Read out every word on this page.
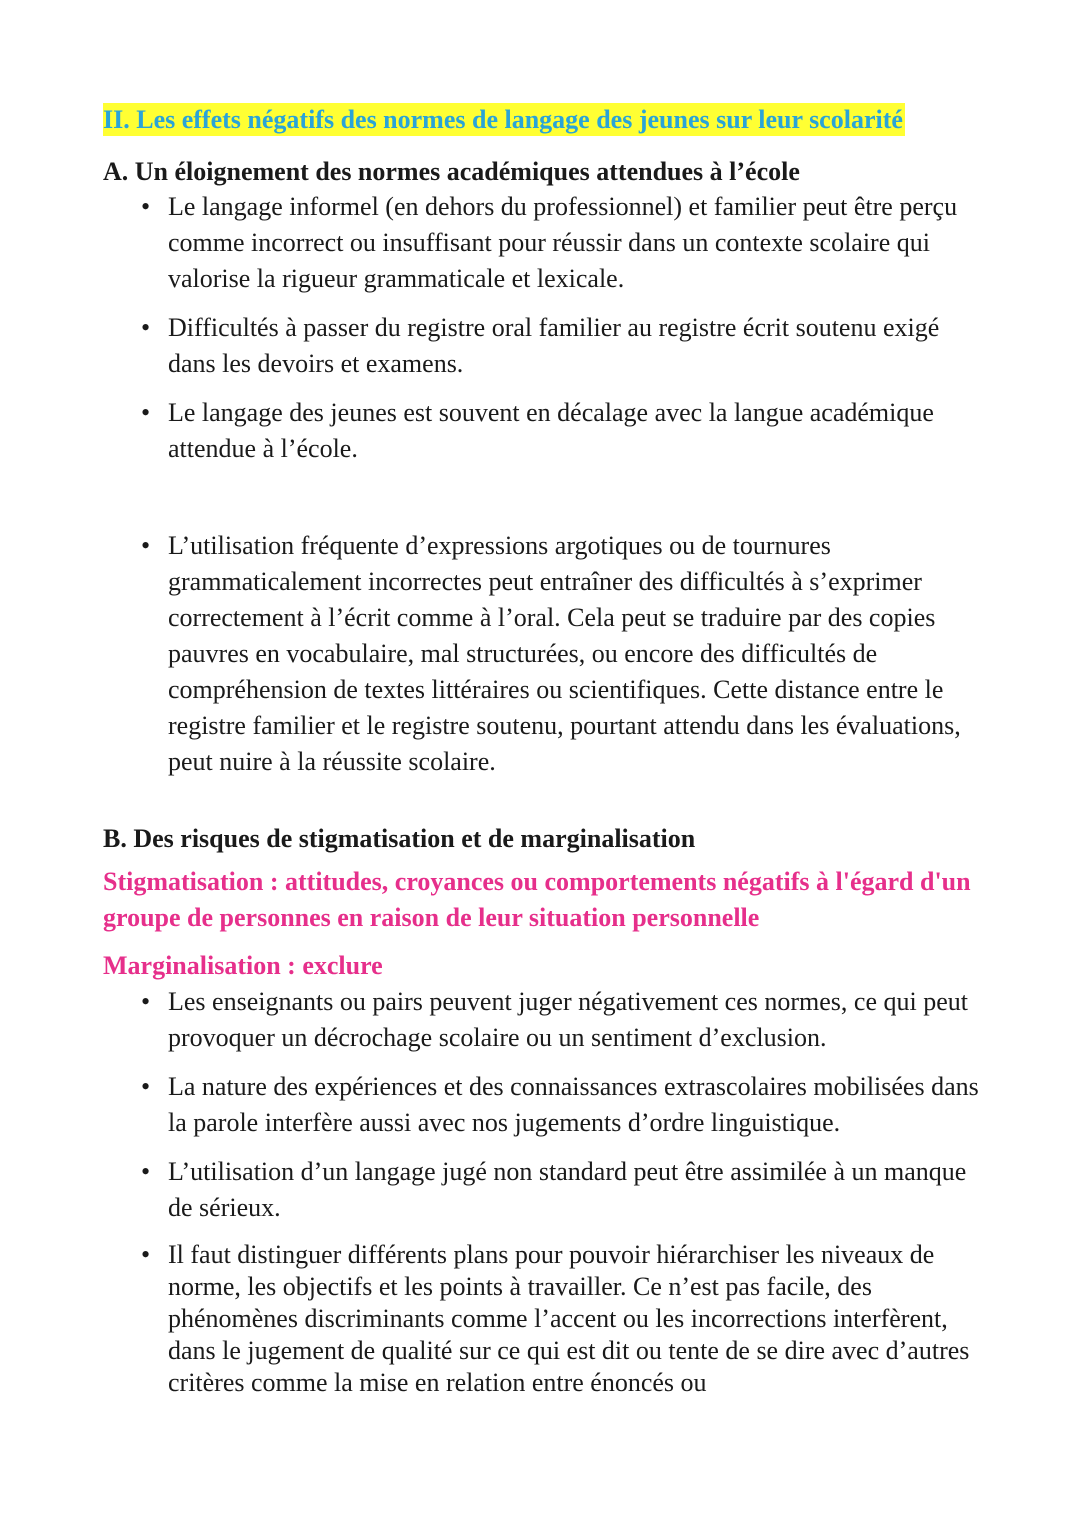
II. Les effets négatifs des normes de langage des jeunes sur leur scolarité
A. Un éloignement des normes académiques attendues à l’école
• Le langage informel (en dehors du professionnel) et familier peut être perçu comme incorrect ou insuffisant pour réussir dans un contexte scolaire qui valorise la rigueur grammaticale et lexicale.
• Difficultés à passer du registre oral familier au registre écrit soutenu exigé dans les devoirs et examens.
• Le langage des jeunes est souvent en décalage avec la langue académique attendue à l’école.
• L’utilisation fréquente d’expressions argotiques ou de tournures grammaticalement incorrectes peut entraîner des difficultés à s’exprimer correctement à l’écrit comme à l’oral. Cela peut se traduire par des copies pauvres en vocabulaire, mal structurées, ou encore des difficultés de compréhension de textes littéraires ou scientifiques. Cette distance entre le registre familier et le registre soutenu, pourtant attendu dans les évaluations, peut nuire à la réussite scolaire.
B. Des risques de stigmatisation et de marginalisation

Stigmatisation : attitudes, croyances ou comportements négatifs à l'égard d'un groupe de personnes en raison de leur situation personnelle

Marginalisation : exclure

• Les enseignants ou pairs peuvent juger négativement ces normes, ce qui peut provoquer un décrochage scolaire ou un sentiment d’exclusion.
• La nature des expériences et des connaissances extrascolaires mobilisées dans la parole interfère aussi avec nos jugements d’ordre linguistique.
• L’utilisation d’un langage jugé non standard peut être assimilée à un manque de sérieux.
• Il faut distinguer différents plans pour pouvoir hiérarchiser les niveaux de norme, les objectifs et les points à travailler. Ce n’est pas facile, des phénomènes discriminants comme l’accent ou les incorrections interfèrent, dans le jugement de qualité sur ce qui est dit ou tente de se dire avec d’autres critères comme la mise en relation entre énoncés ou
